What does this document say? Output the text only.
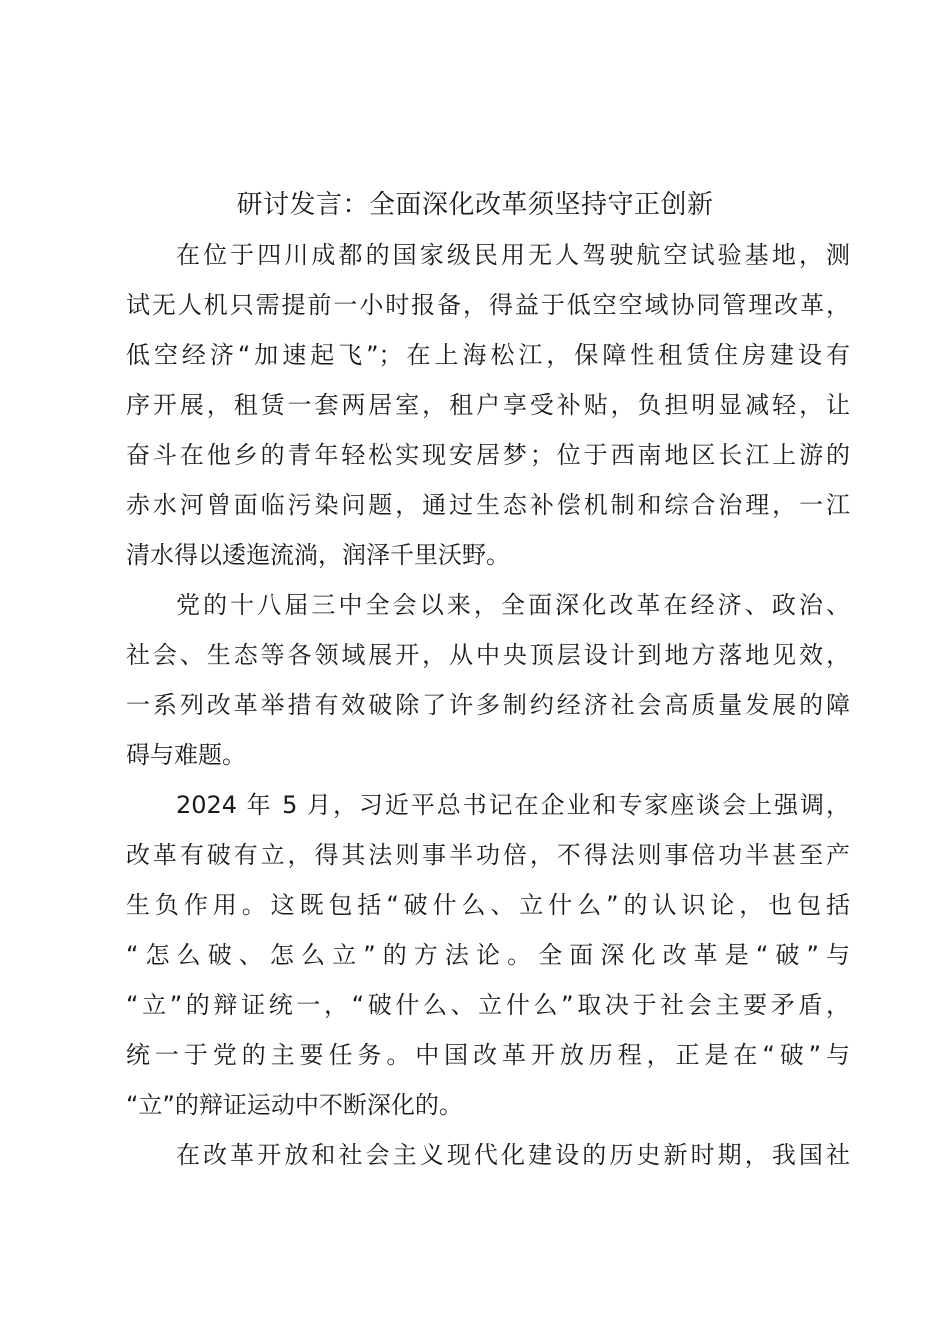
研讨发言：全面深化改革须坚持守正创新
在位于四川成都的国家级民用无人驾驶航空试验基地，测
试无人机只需提前一小时报备，得益于低空空域协同管理改革，
低空经济“加速起飞”；在上海松江，保障性租赁住房建设有
序开展，租赁一套两居室，租户享受补贴，负担明显减轻，让
奋斗在他乡的青年轻松实现安居梦；位于西南地区长江上游的
赤水河曾面临污染问题，通过生态补偿机制和综合治理，一江
清水得以逶迤流淌，润泽千里沃野。
党的十八届三中全会以来，全面深化改革在经济、政治、
社会、生态等各领域展开，从中央顶层设计到地方落地见效，
一系列改革举措有效破除了许多制约经济社会高质量发展的障
碍与难题。
2024 年 5 月，习近平总书记在企业和专家座谈会上强调，
改革有破有立，得其法则事半功倍，不得法则事倍功半甚至产
生负作用。这既包括“破什么、立什么”的认识论，也包括
“怎么破、怎么立”的方法论。全面深化改革是“破”与
“立”的辩证统一，“破什么、立什么”取决于社会主要矛盾，
统一于党的主要任务。中国改革开放历程，正是在“破”与
“立”的辩证运动中不断深化的。
在改革开放和社会主义现代化建设的历史新时期，我国社
